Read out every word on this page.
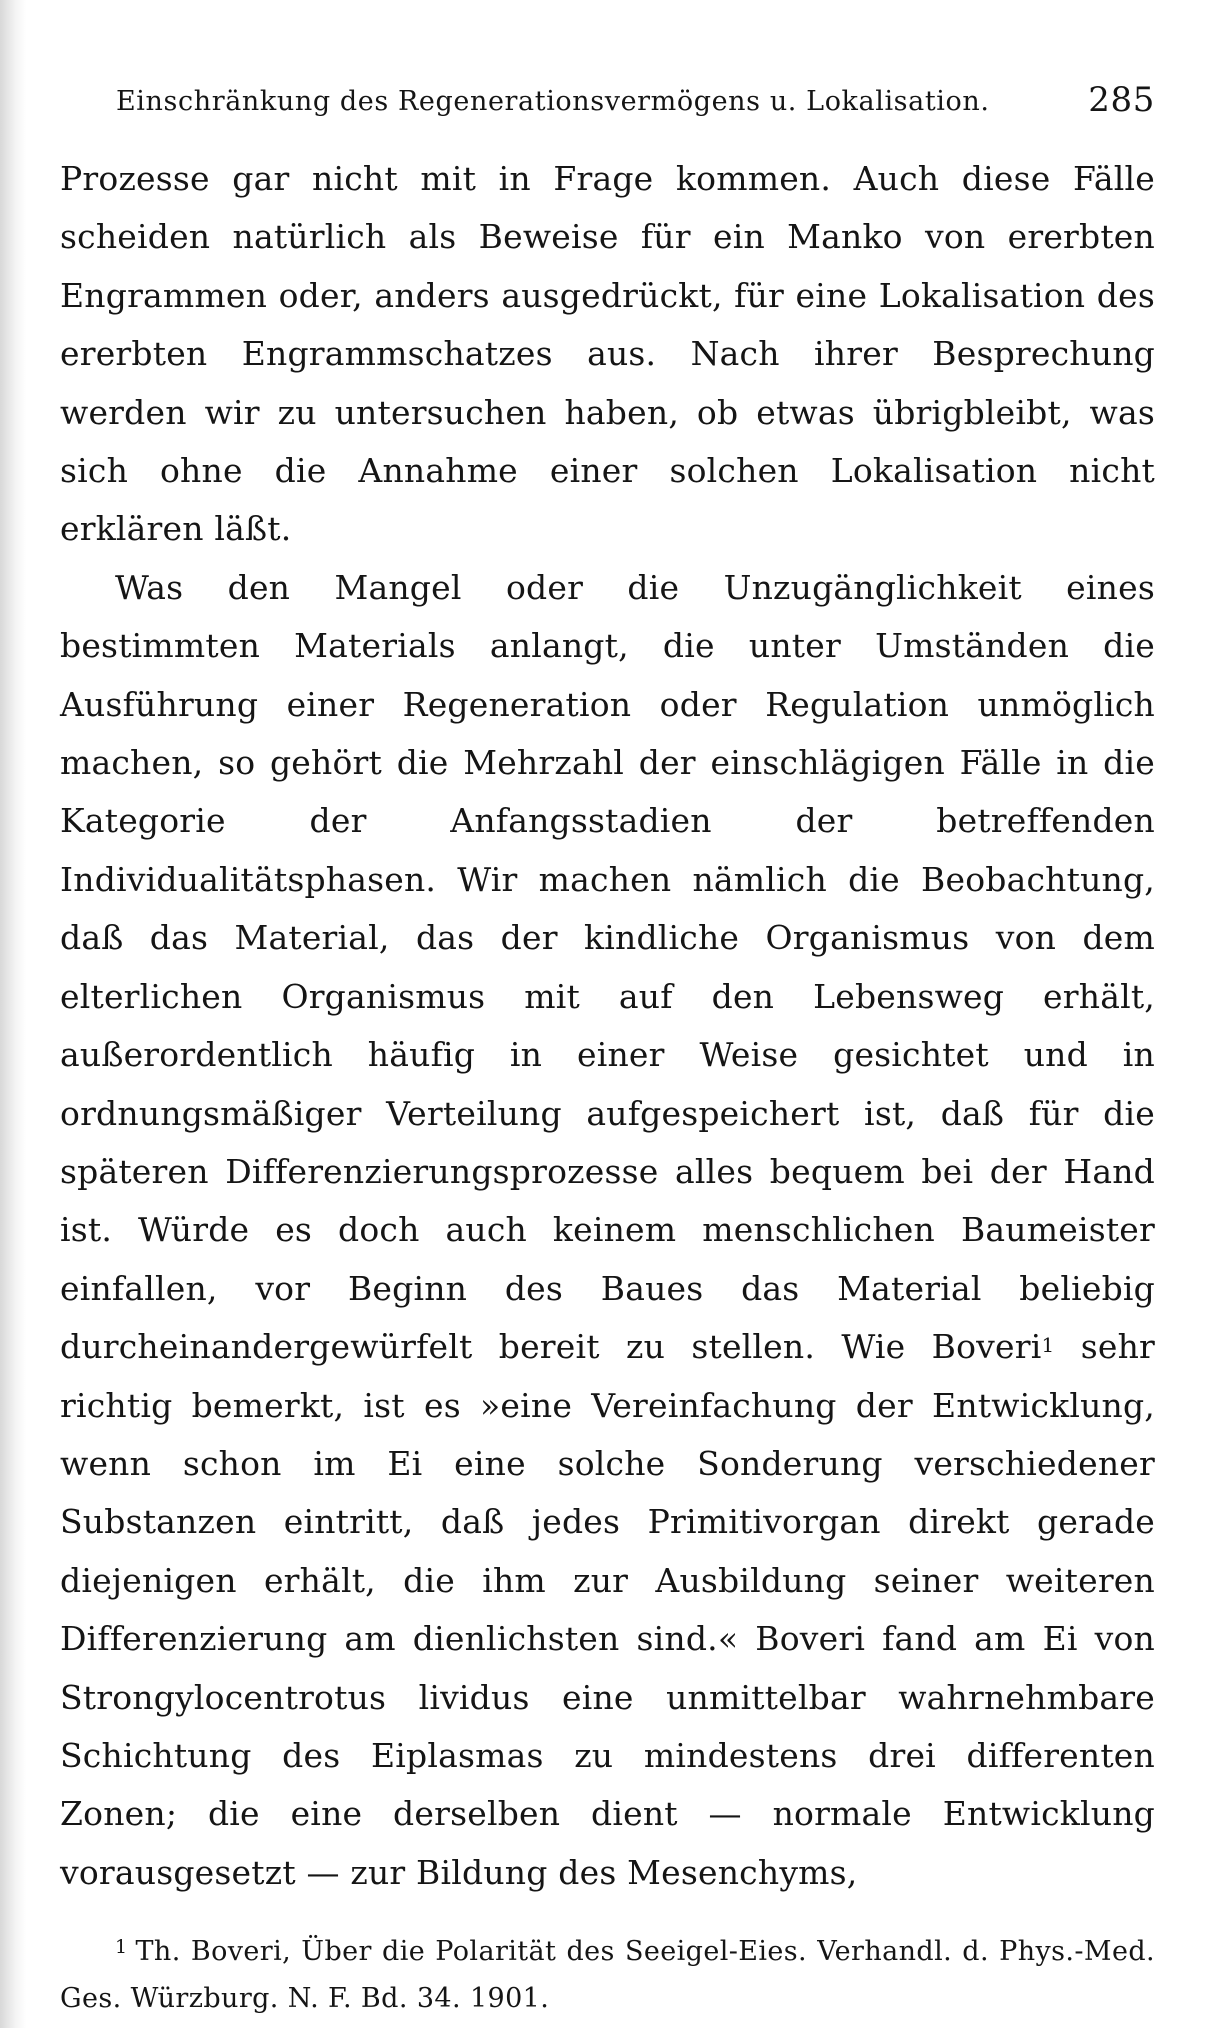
Einschränkung des Regenerationsvermögens u. Lokalisation.	285

Prozesse gar nicht mit in Frage kommen. Auch diese Fälle scheiden natürlich als Beweise für ein Manko von ererbten Engrammen oder, anders ausgedrückt, für eine Lokalisation des ererbten Engrammschatzes aus. Nach ihrer Besprechung werden wir zu untersuchen haben, ob etwas übrigbleibt, was sich ohne die Annahme einer solchen Lokalisation nicht erklären läßt.

Was den Mangel oder die Unzugänglichkeit eines bestimmten Materials anlangt, die unter Umständen die Ausführung einer Regeneration oder Regulation unmöglich machen, so gehört die Mehrzahl der einschlägigen Fälle in die Kategorie der Anfangsstadien der betreffenden Individualitätsphasen. Wir machen nämlich die Beobachtung, daß das Material, das der kindliche Organismus von dem elterlichen Organismus mit auf den Lebensweg erhält, außerordentlich häufig in einer Weise gesichtet und in ordnungsmäßiger Verteilung aufgespeichert ist, daß für die späteren Differenzierungsprozesse alles bequem bei der Hand ist. Würde es doch auch keinem menschlichen Baumeister einfallen, vor Beginn des Baues das Material beliebig durcheinandergewürfelt bereit zu stellen. Wie Boveri$^1$ sehr richtig bemerkt, ist es »eine Vereinfachung der Entwicklung, wenn schon im Ei eine solche Sonderung verschiedener Substanzen eintritt, daß jedes Primitivorgan direkt gerade diejenigen erhält, die ihm zur Ausbildung seiner weiteren Differenzierung am dienlichsten sind.« Boveri fand am Ei von Strongylocentrotus lividus eine unmittelbar wahrnehmbare Schichtung des Eiplasmas zu mindestens drei differenten Zonen; die eine derselben dient — normale Entwicklung vorausgesetzt — zur Bildung des Mesenchyms,

$^1$ Th. Boveri, Über die Polarität des Seeigel-Eies. Verhandl. d. Phys.-Med. Ges. Würzburg. N. F. Bd. 34. 1901.
